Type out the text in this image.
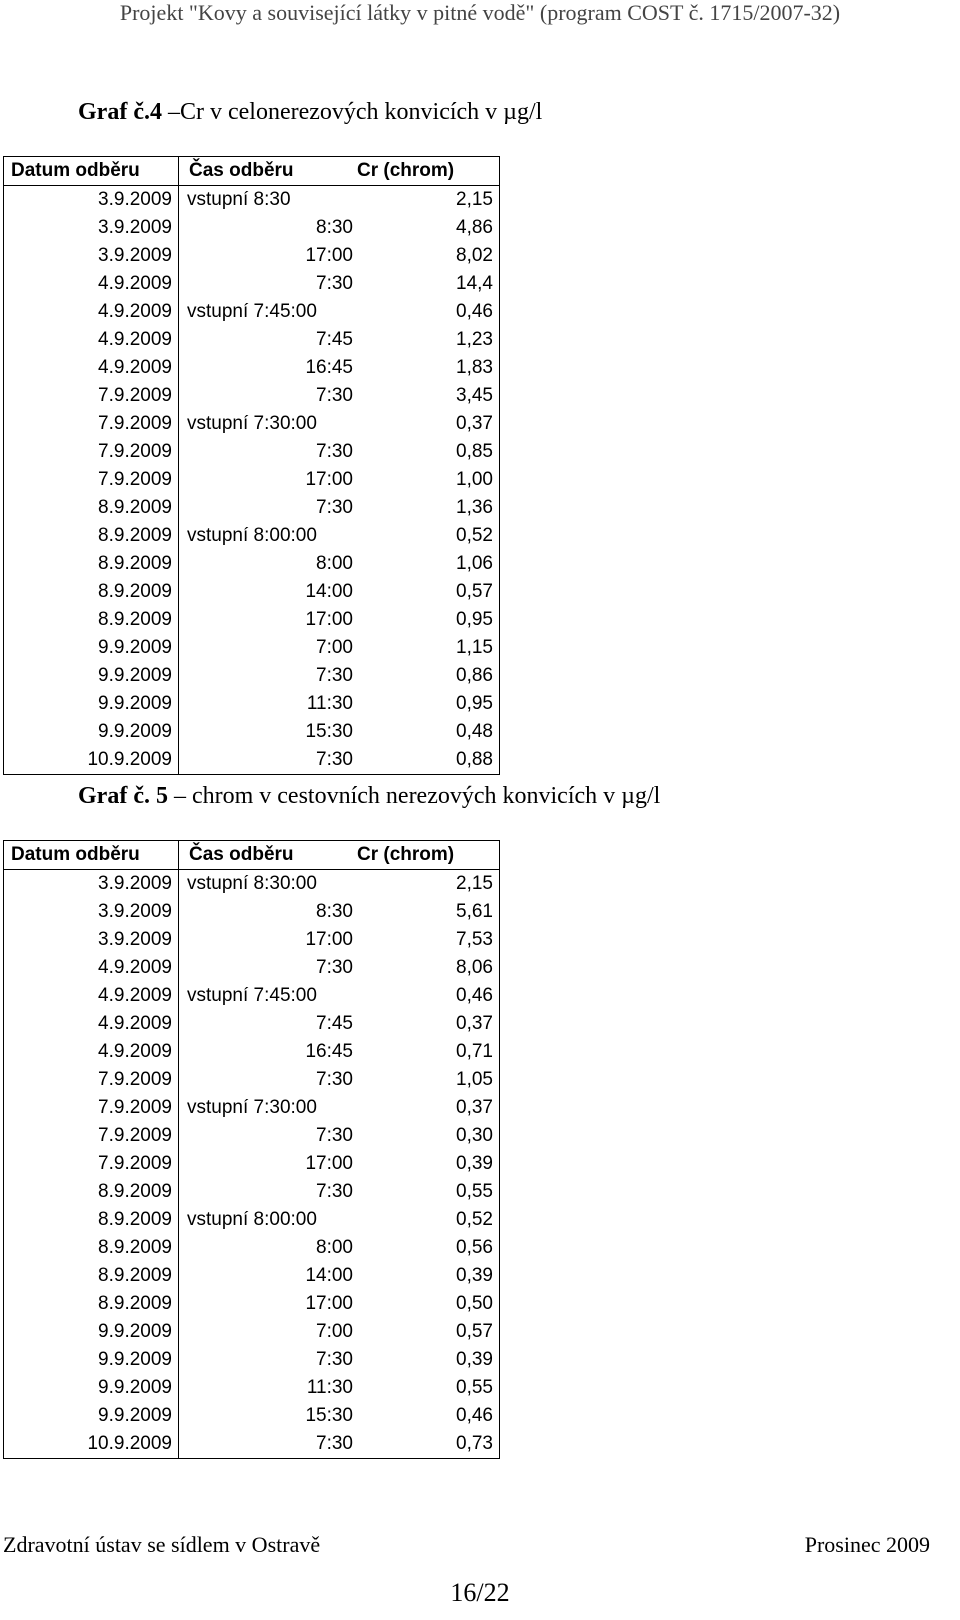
Projekt "Kovy a související látky v pitné vodě" (program COST č. 1715/2007-32)
Graf č.4 –Cr v celonerezových konvicích v µg/l
Datum odběru	Čas odběru	Cr (chrom)
3.9.2009	vstupní 8:30	2,15
3.9.2009	8:30	4,86
3.9.2009	17:00	8,02
4.9.2009	7:30	14,4
4.9.2009	vstupní 7:45:00	0,46
4.9.2009	7:45	1,23
4.9.2009	16:45	1,83
7.9.2009	7:30	3,45
7.9.2009	vstupní 7:30:00	0,37
7.9.2009	7:30	0,85
7.9.2009	17:00	1,00
8.9.2009	7:30	1,36
8.9.2009	vstupní 8:00:00	0,52
8.9.2009	8:00	1,06
8.9.2009	14:00	0,57
8.9.2009	17:00	0,95
9.9.2009	7:00	1,15
9.9.2009	7:30	0,86
9.9.2009	11:30	0,95
9.9.2009	15:30	0,48
10.9.2009	7:30	0,88
Graf č. 5 – chrom v cestovních nerezových konvicích v µg/l
Datum odběru	Čas odběru	Cr (chrom)
3.9.2009	vstupní 8:30:00	2,15
3.9.2009	8:30	5,61
3.9.2009	17:00	7,53
4.9.2009	7:30	8,06
4.9.2009	vstupní 7:45:00	0,46
4.9.2009	7:45	0,37
4.9.2009	16:45	0,71
7.9.2009	7:30	1,05
7.9.2009	vstupní 7:30:00	0,37
7.9.2009	7:30	0,30
7.9.2009	17:00	0,39
8.9.2009	7:30	0,55
8.9.2009	vstupní 8:00:00	0,52
8.9.2009	8:00	0,56
8.9.2009	14:00	0,39
8.9.2009	17:00	0,50
9.9.2009	7:00	0,57
9.9.2009	7:30	0,39
9.9.2009	11:30	0,55
9.9.2009	15:30	0,46
10.9.2009	7:30	0,73
Zdravotní ústav se sídlem v Ostravě	Prosinec 2009
16/22
